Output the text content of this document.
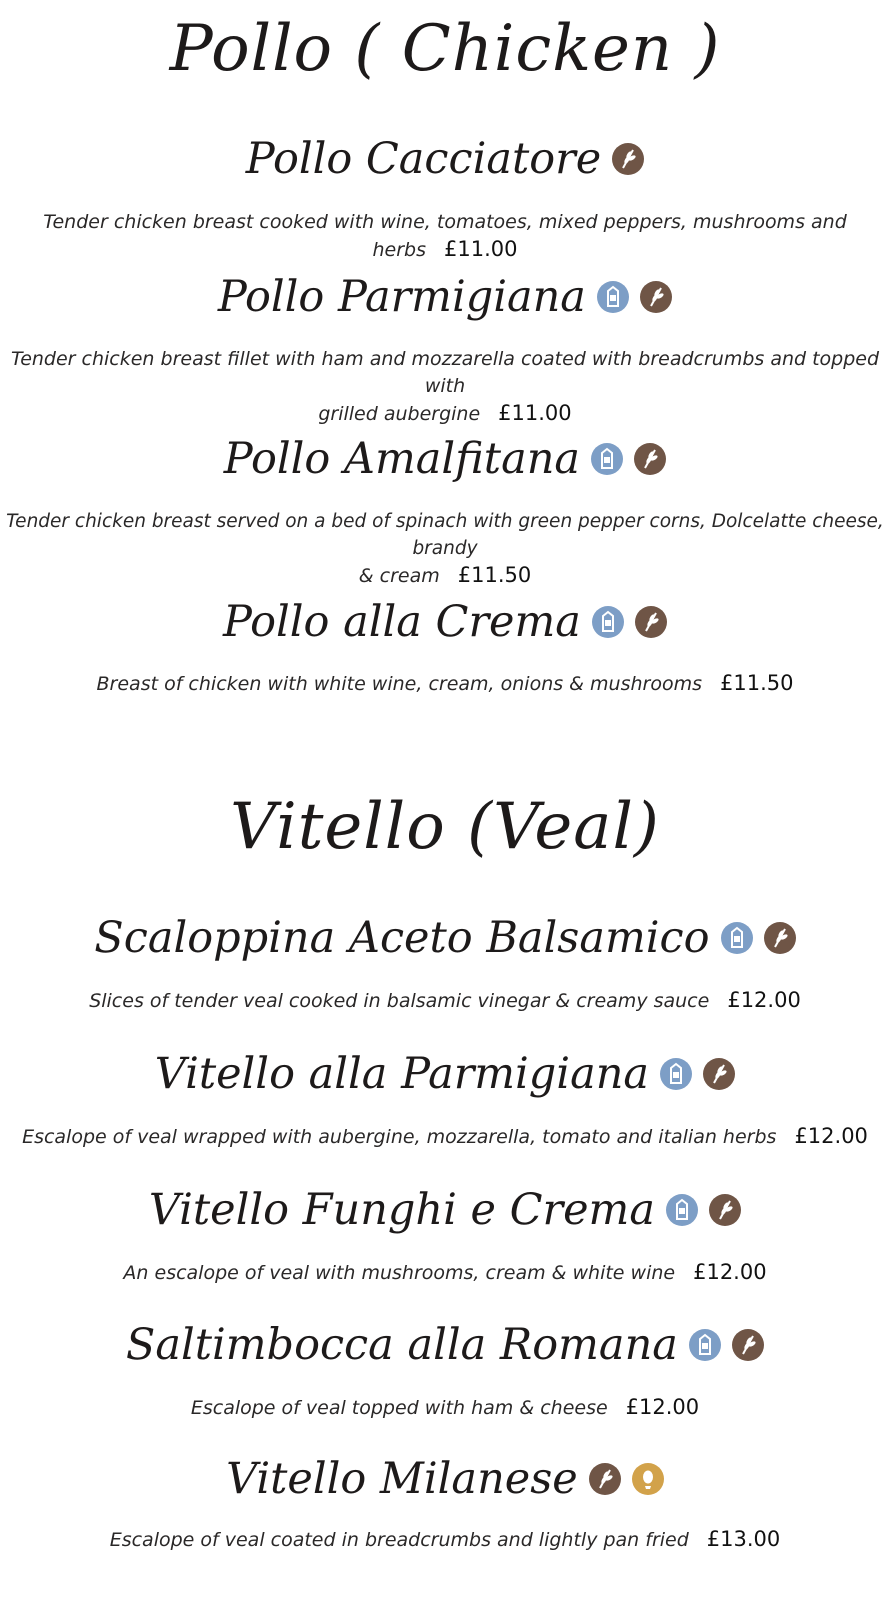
Pollo ( Chicken )
Pollo Cacciatore
Tender chicken breast cooked with wine, tomatoes, mixed peppers, mushrooms and herbs £11.00
Pollo Parmigiana

Tender chicken breast fillet with ham and mozzarella coated with breadcrumbs and topped with
grilled aubergine £11.00
Pollo Amalfitana

Tender chicken breast served on a bed of spinach with green pepper corns, Dolcelatte cheese, brandy
& cream £11.50
Pollo alla Crema

Breast of chicken with white wine, cream, onions & mushrooms £11.50
Vitello (Veal)
Scaloppina Aceto Balsamico

Slices of tender veal cooked in balsamic vinegar & creamy sauce £12.00
Vitello alla Parmigiana

Escalope of veal wrapped with aubergine, mozzarella, tomato and italian herbs £12.00
Vitello Funghi e Crema

An escalope of veal with mushrooms, cream & white wine £12.00
Saltimbocca alla Romana

Escalope of veal topped with ham & cheese £12.00
Vitello Milanese

Escalope of veal coated in breadcrumbs and lightly pan fried £13.00
